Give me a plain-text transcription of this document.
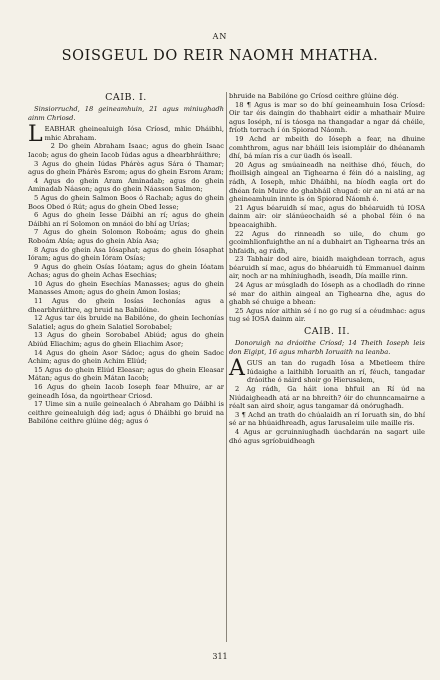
AN
SOISGEUL DO REIR NAOMH MHATHA.
CAIB. I.

Sinsiorruchd, 18 geineamhuin, 21 agus miniughadh ainm Chriosd.

LEABHAR gheinealuigh Iósa Críosd, mhic Dháibhi, mhic Abraham.

2 Do ghein Abraham Isaac; agus do ghein Isaac Iacob; agus do ghein Iacob Iúdas agus a dhearbhráithre;

3 Agus do ghein Iúdas Phárès agus Sára ó Thamar; agus do ghein Phárès Esrom; agus do ghein Esrom Aram;

4 Agus do ghein Aram Aminadab; agus do ghein Aminadab Náason; agus do ghein Náasson Salmon;

5 Agus do ghein Salmon Boos ó Rachab; agus do ghein Boos Obed ó Rút; agus do ghein Obed Iesse;

6 Agus do ghein Iesse Dáibhi an rí; agus do ghein Dáibhi an rí Solomon on mnáoi do bhí ag Urías;

7 Agus do ghein Solomon Roboám; agus do ghein Roboám Abía; agus do ghein Abía Asa;

8 Agus do ghein Asa Iósaphat; agus do ghein Iósaphat Ióram; agus do ghein Ióram Osías;

9 Agus do ghein Osías Ióatam; agus do ghein Ióatam Achas; agus do ghein Achas Esechias;

10 Agus do ghein Esechías Manasses; agus do ghein Manasses Amon; agus do ghein Amon Iosias;

11 Agus do ghein Iosías Iechonías agus a dhearbhráithre, ag bruid na Babilóine.

12 Agus tar éis bruide na Babilóne, do ghein Iechonías Salatiel; agus do ghein Salatiel Sorobabel;

13 Agus do ghein Sorobabel Abiúd; agus do ghein Abiúd Eliachim; agus do ghein Eliachim Asor;

14 Agus do ghein Asor Sádoc; agus do ghein Sadoc Achim; agus do ghein Achim Eliúd;

15 Agus do ghein Eliúd Eleasar; agus do ghein Eleasar Mátan; agus do ghein Mátan Iacob;

16 Agus do ghein Iacob Ioseph fear Mhuire, ar ar geineadh Iósa, da ngoirthear Criosd.

17 Uime sin a nuile geinealach ó Abraham go Dáibhi is ceithre geinealuigh dég iad; agus ó Dháibhi go bruid na Babilóne ceithre glúine dég; agus ó

bhruide na Babilóne go Críosd ceithre glúine dég.

18 ¶ Agus is mar so do bhí geineamhuin Iosa Críosd: Oir tar éis daingin do thabhairt eidir a mhathair Muire agus Ioséph, ní is táosga na thangadar a ngar dá chéile, fríoth torrach í ón Spiorad Náomh.

19 Achd ar mbeith do Ióseph a fear, na dhuine comhthrom, agus nar bháill leis isiompláir do dhéanamh dhí, bá mían ris a cur üadh ós ìseall.

20 Agus ag smúaineadh na neithise dhó, féuch, do fhoillsigh aingeal an Tighearna é féin dó a naisling, ag rádh, A Ioseph, mhic Dháibhi, na bíodh eagla ort do dhéan fein Muire do ghabháil chugad: oir an ni atá ar na gheineamhuin innte is ón Spiorad Náomh é.

21 Agus béaruidh sí mac, agus do bhéaruidh tú IOSA dainm air: oir slánúeochaidh sé a phobal féin ó na bpeacaighibh.

22 Agus do rinneadh so uile, do chum go gcoimhlionfuighthe an ní a dubhairt an Tighearna trés an bhfaidh, ag rádh,

23 Tabhair dod aire, biaidh maighdean torrach, agus béaruidh sí mac, agus do bhéaruidh tú Emmanuel dainm air, noch ar na mhíniughadh, iseadh, Día maille rinn.

24 Agus ar músgladh do Ióseph as a chodladh do rinne sé mar do aithin aingeal an Tighearna dhe, agus do ghabh sé chuige a bhean:

25 Agus níor aithin sé í no go rug sí a céudmhac: agus tug sé IOSA dainm air.

CAIB. II.

Donoruigh na dráoithe Críosd; 14 Theith Ioseph leis don Eigipt, 16 agus mharbh Ioruaith na leanba.

AGUS an tan do rugadh Iósa a Mbetleem thíre Iúdaighe a laithibh Ioruaith an rí, féuch, tangadar dráoithe ó náird shoir go Hierusalem,

2 Ag rádh, Ga háit iona bhfuil an Rí úd na Niúdaigheadh atá ar na bhreith? óir do chunncamairne a réalt san aird shoir, agus tangamar dá onórughadh.

3 ¶ Achd an trath do chúalaidh an rí Ioruath sin, do bhí sé ar na bhúaidhreadh, agus Iarusaleim uile maille ris.

4 Agus ar gcruinniughadh úachdarán na sagart uile dhó agus sgríobuidheagh

311
